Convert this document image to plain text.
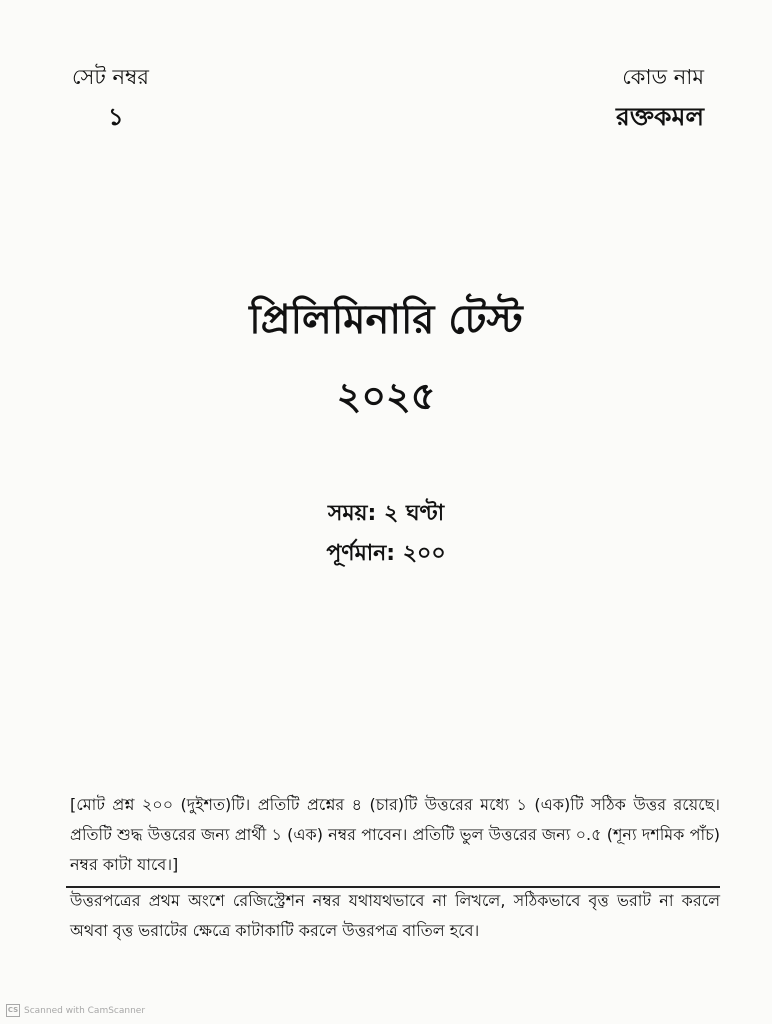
সেট নম্বর
১
কোড নাম
রক্তকমল
প্রিলিমিনারি টেস্ট
২০২৫
সময়: ২ ঘণ্টা
পূর্ণমান: ২০০
[মোট প্রশ্ন ২০০ (দুইশত)টি। প্রতিটি প্রশ্নের ৪ (চার)টি উত্তরের মধ্যে ১ (এক)টি সঠিক উত্তর রয়েছে। প্রতিটি শুদ্ধ উত্তরের জন্য প্রার্থী ১ (এক) নম্বর পাবেন। প্রতিটি ভুল উত্তরের জন্য ০.৫ (শূন্য দশমিক পাঁচ) নম্বর কাটা যাবে।]
উত্তরপত্রের প্রথম অংশে রেজিস্ট্রেশন নম্বর যথাযথভাবে না লিখলে, সঠিকভাবে বৃত্ত ভরাট না করলে অথবা বৃত্ত ভরাটের ক্ষেত্রে কাটাকাটি করলে উত্তরপত্র বাতিল হবে।
CS Scanned with CamScanner
